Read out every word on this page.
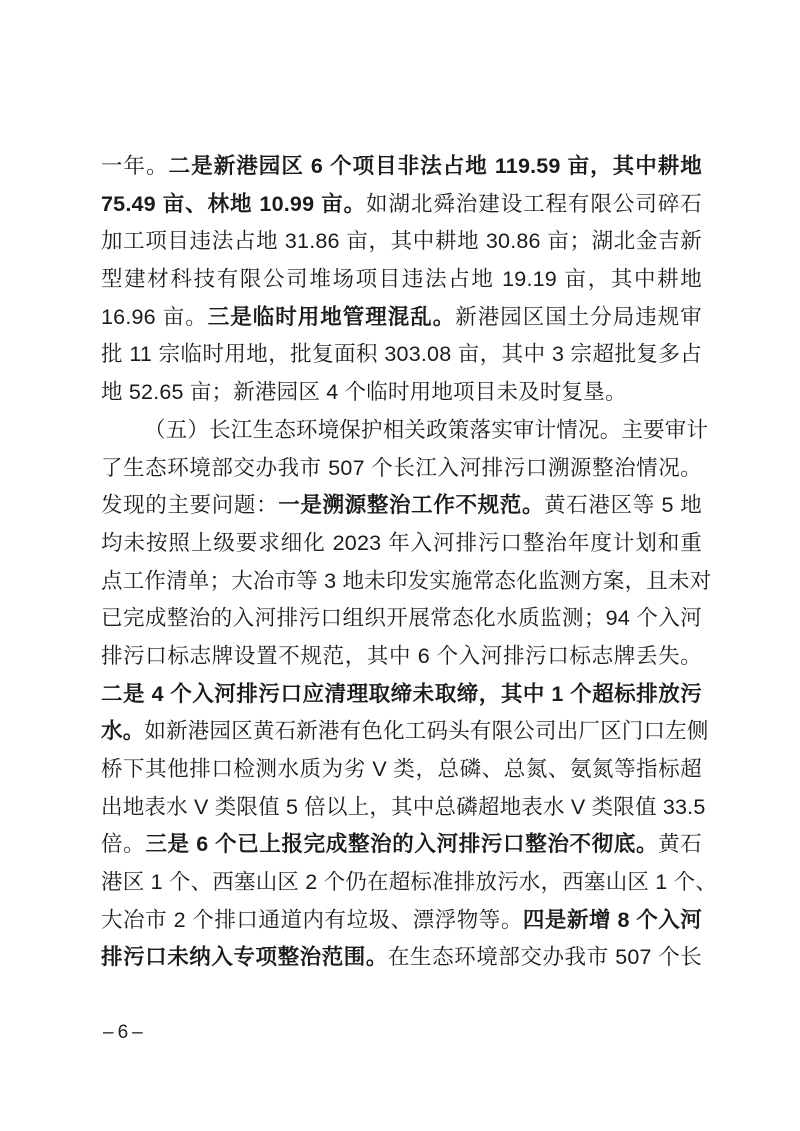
一年。二是新港园区 6 个项目非法占地 119.59 亩，其中耕地
75.49 亩、林地 10.99 亩。如湖北舜治建设工程有限公司碎石
加工项目违法占地 31.86 亩，其中耕地 30.86 亩；湖北金吉新
型建材科技有限公司堆场项目违法占地 19.19 亩，其中耕地
16.96 亩。三是临时用地管理混乱。新港园区国土分局违规审
批 11 宗临时用地，批复面积 303.08 亩，其中 3 宗超批复多占
地 52.65 亩；新港园区 4 个临时用地项目未及时复垦。
（五）长江生态环境保护相关政策落实审计情况。主要审计
了生态环境部交办我市 507 个长江入河排污口溯源整治情况。
发现的主要问题：一是溯源整治工作不规范。黄石港区等 5 地
均未按照上级要求细化 2023 年入河排污口整治年度计划和重
点工作清单；大冶市等 3 地未印发实施常态化监测方案，且未对
已完成整治的入河排污口组织开展常态化水质监测；94 个入河
排污口标志牌设置不规范，其中 6 个入河排污口标志牌丢失。
二是 4 个入河排污口应清理取缔未取缔，其中 1 个超标排放污
水。如新港园区黄石新港有色化工码头有限公司出厂区门口左侧
桥下其他排口检测水质为劣 V 类，总磷、总氮、氨氮等指标超
出地表水 V 类限值 5 倍以上，其中总磷超地表水 V 类限值 33.5
倍。三是 6 个已上报完成整治的入河排污口整治不彻底。黄石
港区 1 个、西塞山区 2 个仍在超标准排放污水，西塞山区 1 个、
大冶市 2 个排口通道内有垃圾、漂浮物等。四是新增 8 个入河
排污口未纳入专项整治范围。在生态环境部交办我市 507 个长
–6–
